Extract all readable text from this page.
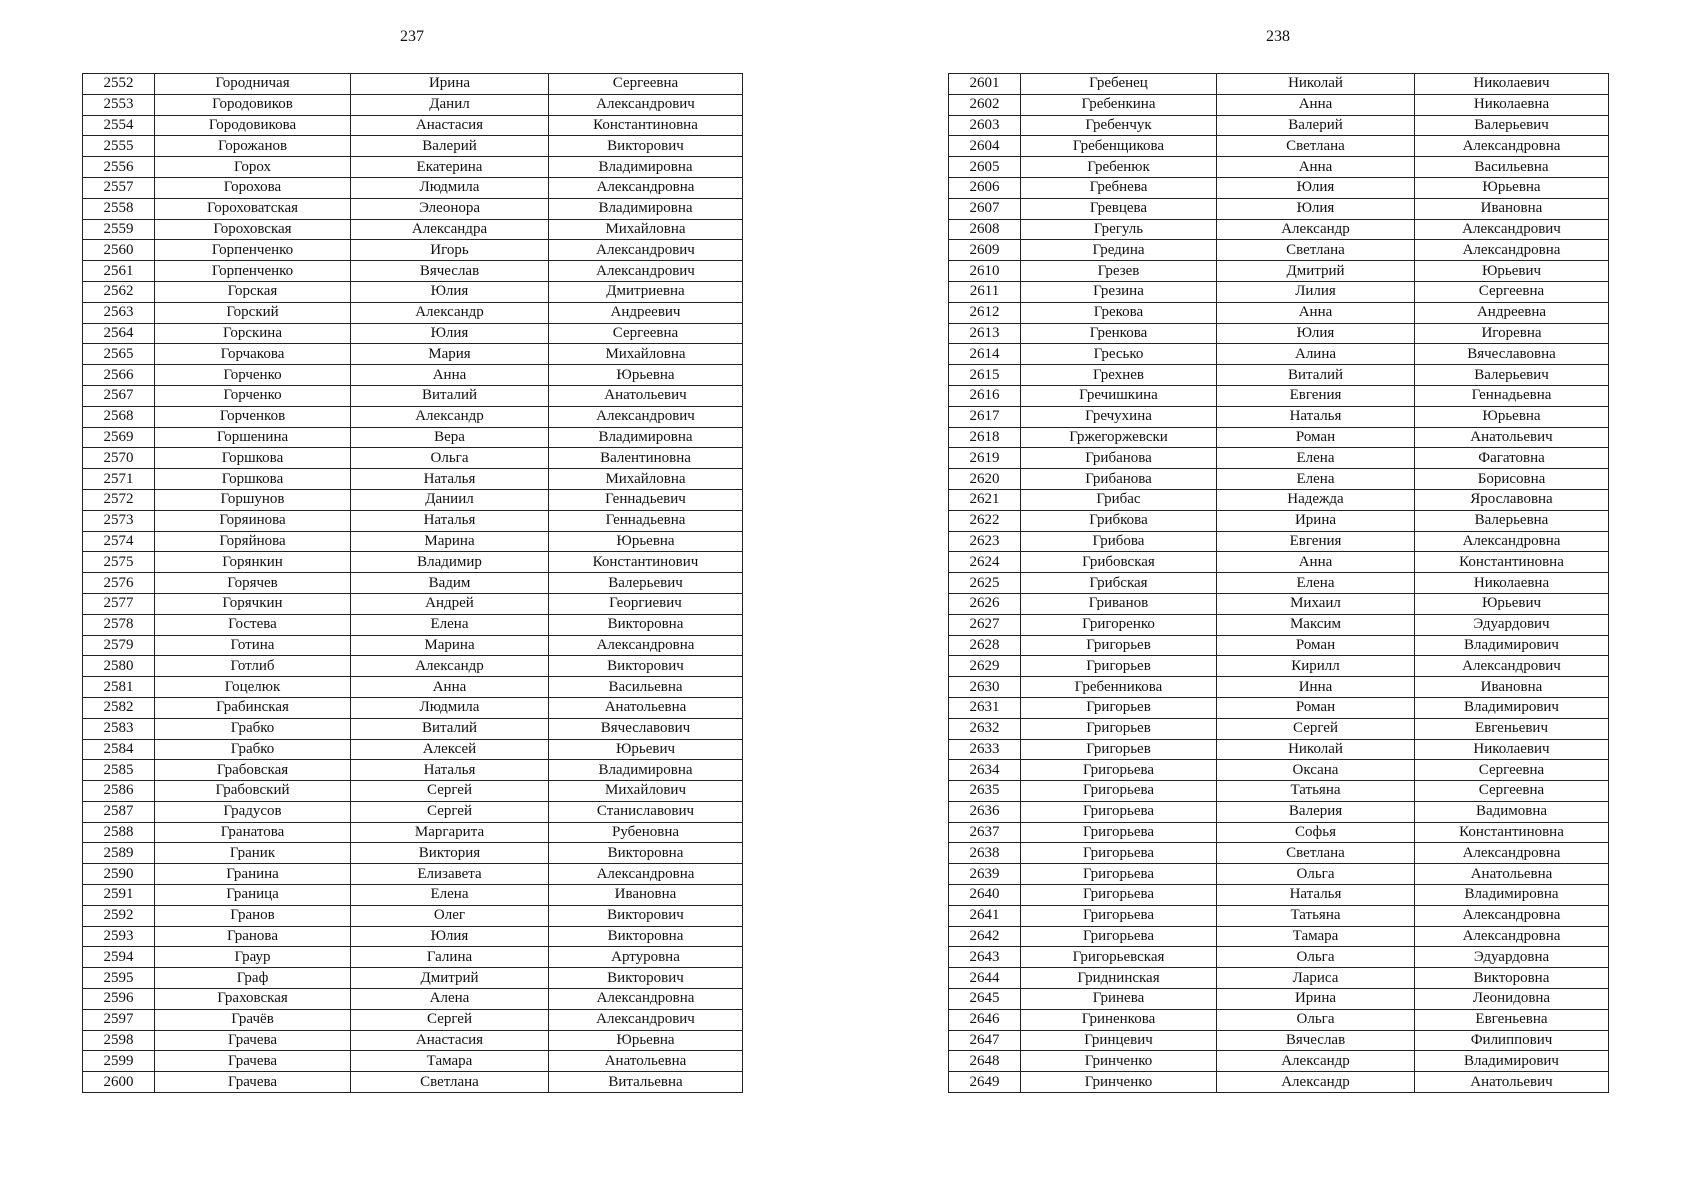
237
2552	Городничая	Ирина	Сергеевна
2553	Городовиков	Данил	Александрович
2554	Городовикова	Анастасия	Константиновна
2555	Горожанов	Валерий	Викторович
2556	Горох	Екатерина	Владимировна
2557	Горохова	Людмила	Александровна
2558	Гороховатская	Элеонора	Владимировна
2559	Гороховская	Александра	Михайловна
2560	Горпенченко	Игорь	Александрович
2561	Горпенченко	Вячеслав	Александрович
2562	Горская	Юлия	Дмитриевна
2563	Горский	Александр	Андреевич
2564	Горскина	Юлия	Сергеевна
2565	Горчакова	Мария	Михайловна
2566	Горченко	Анна	Юрьевна
2567	Горченко	Виталий	Анатольевич
2568	Горченков	Александр	Александрович
2569	Горшенина	Вера	Владимировна
2570	Горшкова	Ольга	Валентиновна
2571	Горшкова	Наталья	Михайловна
2572	Горшунов	Даниил	Геннадьевич
2573	Горяинова	Наталья	Геннадьевна
2574	Горяйнова	Марина	Юрьевна
2575	Горянкин	Владимир	Константинович
2576	Горячев	Вадим	Валерьевич
2577	Горячкин	Андрей	Георгиевич
2578	Гостева	Елена	Викторовна
2579	Готина	Марина	Александровна
2580	Готлиб	Александр	Викторович
2581	Гоцелюк	Анна	Васильевна
2582	Грабинская	Людмила	Анатольевна
2583	Грабко	Виталий	Вячеславович
2584	Грабко	Алексей	Юрьевич
2585	Грабовская	Наталья	Владимировна
2586	Грабовский	Сергей	Михайлович
2587	Градусов	Сергей	Станиславович
2588	Гранатова	Маргарита	Рубеновна
2589	Граник	Виктория	Викторовна
2590	Гранина	Елизавета	Александровна
2591	Граница	Елена	Ивановна
2592	Гранов	Олег	Викторович
2593	Гранова	Юлия	Викторовна
2594	Граур	Галина	Артуровна
2595	Граф	Дмитрий	Викторович
2596	Граховская	Алена	Александровна
2597	Грачёв	Сергей	Александрович
2598	Грачева	Анастасия	Юрьевна
2599	Грачева	Тамара	Анатольевна
2600	Грачева	Светлана	Витальевна
238
2601	Гребенец	Николай	Николаевич
2602	Гребенкина	Анна	Николаевна
2603	Гребенчук	Валерий	Валерьевич
2604	Гребенщикова	Светлана	Александровна
2605	Гребенюк	Анна	Васильевна
2606	Гребнева	Юлия	Юрьевна
2607	Гревцева	Юлия	Ивановна
2608	Грегуль	Александр	Александрович
2609	Гредина	Светлана	Александровна
2610	Грезев	Дмитрий	Юрьевич
2611	Грезина	Лилия	Сергеевна
2612	Грекова	Анна	Андреевна
2613	Гренкова	Юлия	Игоревна
2614	Гресько	Алина	Вячеславовна
2615	Грехнев	Виталий	Валерьевич
2616	Гречишкина	Евгения	Геннадьевна
2617	Гречухина	Наталья	Юрьевна
2618	Гржегоржевски	Роман	Анатольевич
2619	Грибанова	Елена	Фагатовна
2620	Грибанова	Елена	Борисовна
2621	Грибас	Надежда	Ярославовна
2622	Грибкова	Ирина	Валерьевна
2623	Грибова	Евгения	Александровна
2624	Грибовская	Анна	Константиновна
2625	Грибская	Елена	Николаевна
2626	Гриванов	Михаил	Юрьевич
2627	Григоренко	Максим	Эдуардович
2628	Григорьев	Роман	Владимирович
2629	Григорьев	Кирилл	Александрович
2630	Гребенникова	Инна	Ивановна
2631	Григорьев	Роман	Владимирович
2632	Григорьев	Сергей	Евгеньевич
2633	Григорьев	Николай	Николаевич
2634	Григорьева	Оксана	Сергеевна
2635	Григорьева	Татьяна	Сергеевна
2636	Григорьева	Валерия	Вадимовна
2637	Григорьева	Софья	Константиновна
2638	Григорьева	Светлана	Александровна
2639	Григорьева	Ольга	Анатольевна
2640	Григорьева	Наталья	Владимировна
2641	Григорьева	Татьяна	Александровна
2642	Григорьева	Тамара	Александровна
2643	Григорьевская	Ольга	Эдуардовна
2644	Гриднинская	Лариса	Викторовна
2645	Гринева	Ирина	Леонидовна
2646	Гриненкова	Ольга	Евгеньевна
2647	Гринцевич	Вячеслав	Филиппович
2648	Гринченко	Александр	Владимирович
2649	Гринченко	Александр	Анатольевич
